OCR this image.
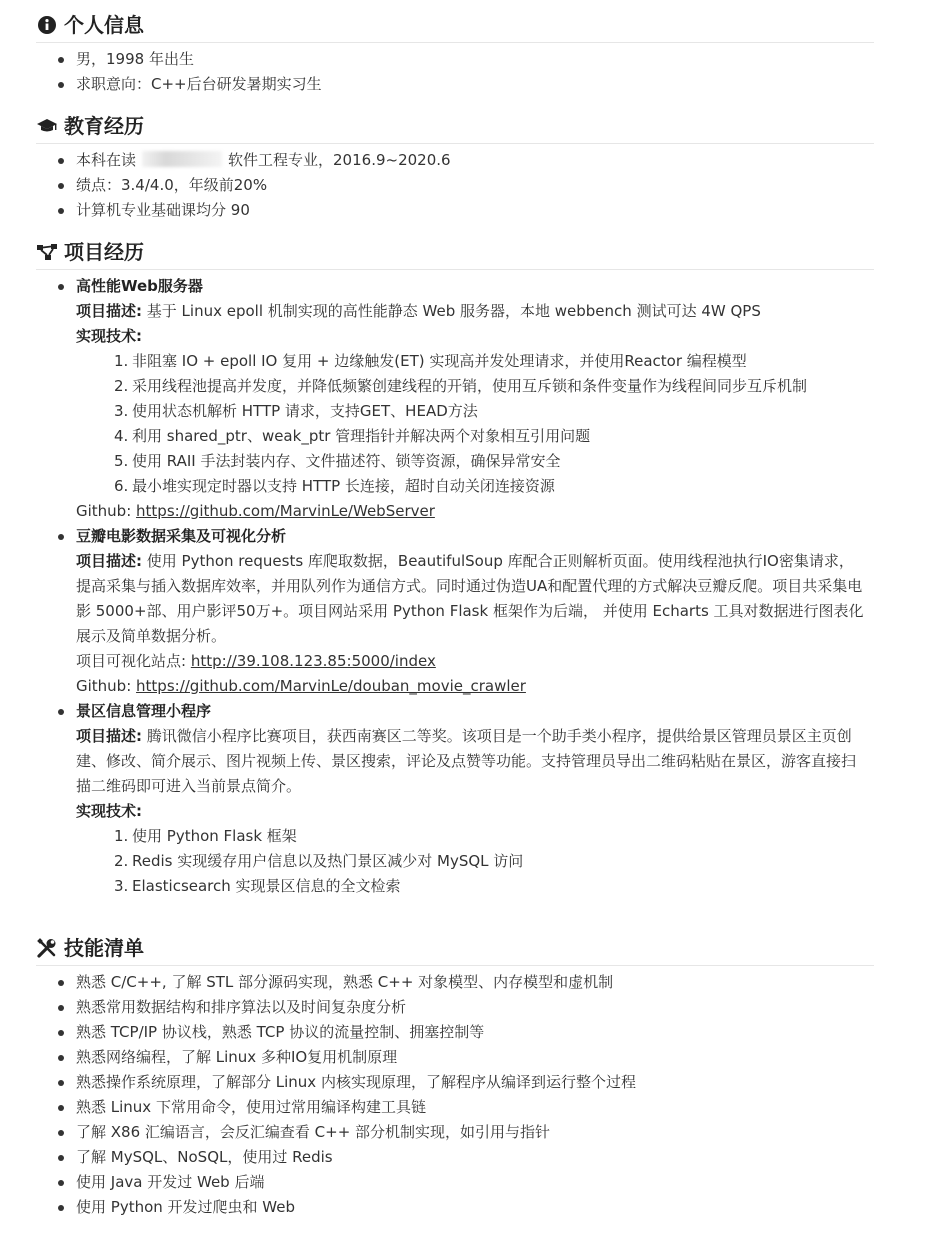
个人信息
男，1998 年出生
求职意向：C++后台研发暑期实习生
教育经历
本科在读	软件工程专业，2016.9~2020.6
绩点：3.4/4.0，年级前20%
计算机专业基础课均分 90
项目经历
高性能Web服务器
项目描述: 基于 Linux epoll 机制实现的高性能静态 Web 服务器，本地 webbench 测试可达 4W QPS
实现技术:
1. 非阻塞 IO + epoll IO 复用 + 边缘触发(ET) 实现高并发处理请求，并使用Reactor 编程模型
2. 采用线程池提高并发度，并降低频繁创建线程的开销，使用互斥锁和条件变量作为线程间同步互斥机制
3. 使用状态机解析 HTTP 请求，支持GET、HEAD方法
4. 利用 shared_ptr、weak_ptr 管理指针并解决两个对象相互引用问题
5. 使用 RAII 手法封装内存、文件描述符、锁等资源，确保异常安全
6. 最小堆实现定时器以支持 HTTP 长连接，超时自动关闭连接资源
Github: https://github.com/MarvinLe/WebServer
豆瓣电影数据采集及可视化分析
项目描述: 使用 Python requests 库爬取数据，BeautifulSoup 库配合正则解析页面。使用线程池执行IO密集请求，提高采集与插入数据库效率，并用队列作为通信方式。同时通过伪造UA和配置代理的方式解决豆瓣反爬。项目共采集电影 5000+部、用户影评50万+。项目网站采用 Python Flask 框架作为后端， 并使用 Echarts 工具对数据进行图表化展示及简单数据分析。
项目可视化站点: http://39.108.123.85:5000/index
Github: https://github.com/MarvinLe/douban_movie_crawler
景区信息管理小程序
项目描述: 腾讯微信小程序比赛项目，获西南赛区二等奖。该项目是一个助手类小程序，提供给景区管理员景区主页创建、修改、简介展示、图片视频上传、景区搜索，评论及点赞等功能。支持管理员导出二维码粘贴在景区，游客直接扫描二维码即可进入当前景点简介。
实现技术:
1. 使用 Python Flask 框架
2. Redis 实现缓存用户信息以及热门景区减少对 MySQL 访问
3. Elasticsearch 实现景区信息的全文检索
技能清单
熟悉 C/C++, 了解 STL 部分源码实现，熟悉 C++ 对象模型、内存模型和虚机制
熟悉常用数据结构和排序算法以及时间复杂度分析
熟悉 TCP/IP 协议栈，熟悉 TCP 协议的流量控制、拥塞控制等
熟悉网络编程，了解 Linux 多种IO复用机制原理
熟悉操作系统原理，了解部分 Linux 内核实现原理，了解程序从编译到运行整个过程
熟悉 Linux 下常用命令，使用过常用编译构建工具链
了解 X86 汇编语言，会反汇编查看 C++ 部分机制实现，如引用与指针
了解 MySQL、NoSQL，使用过 Redis
使用 Java 开发过 Web 后端
使用 Python 开发过爬虫和 Web
